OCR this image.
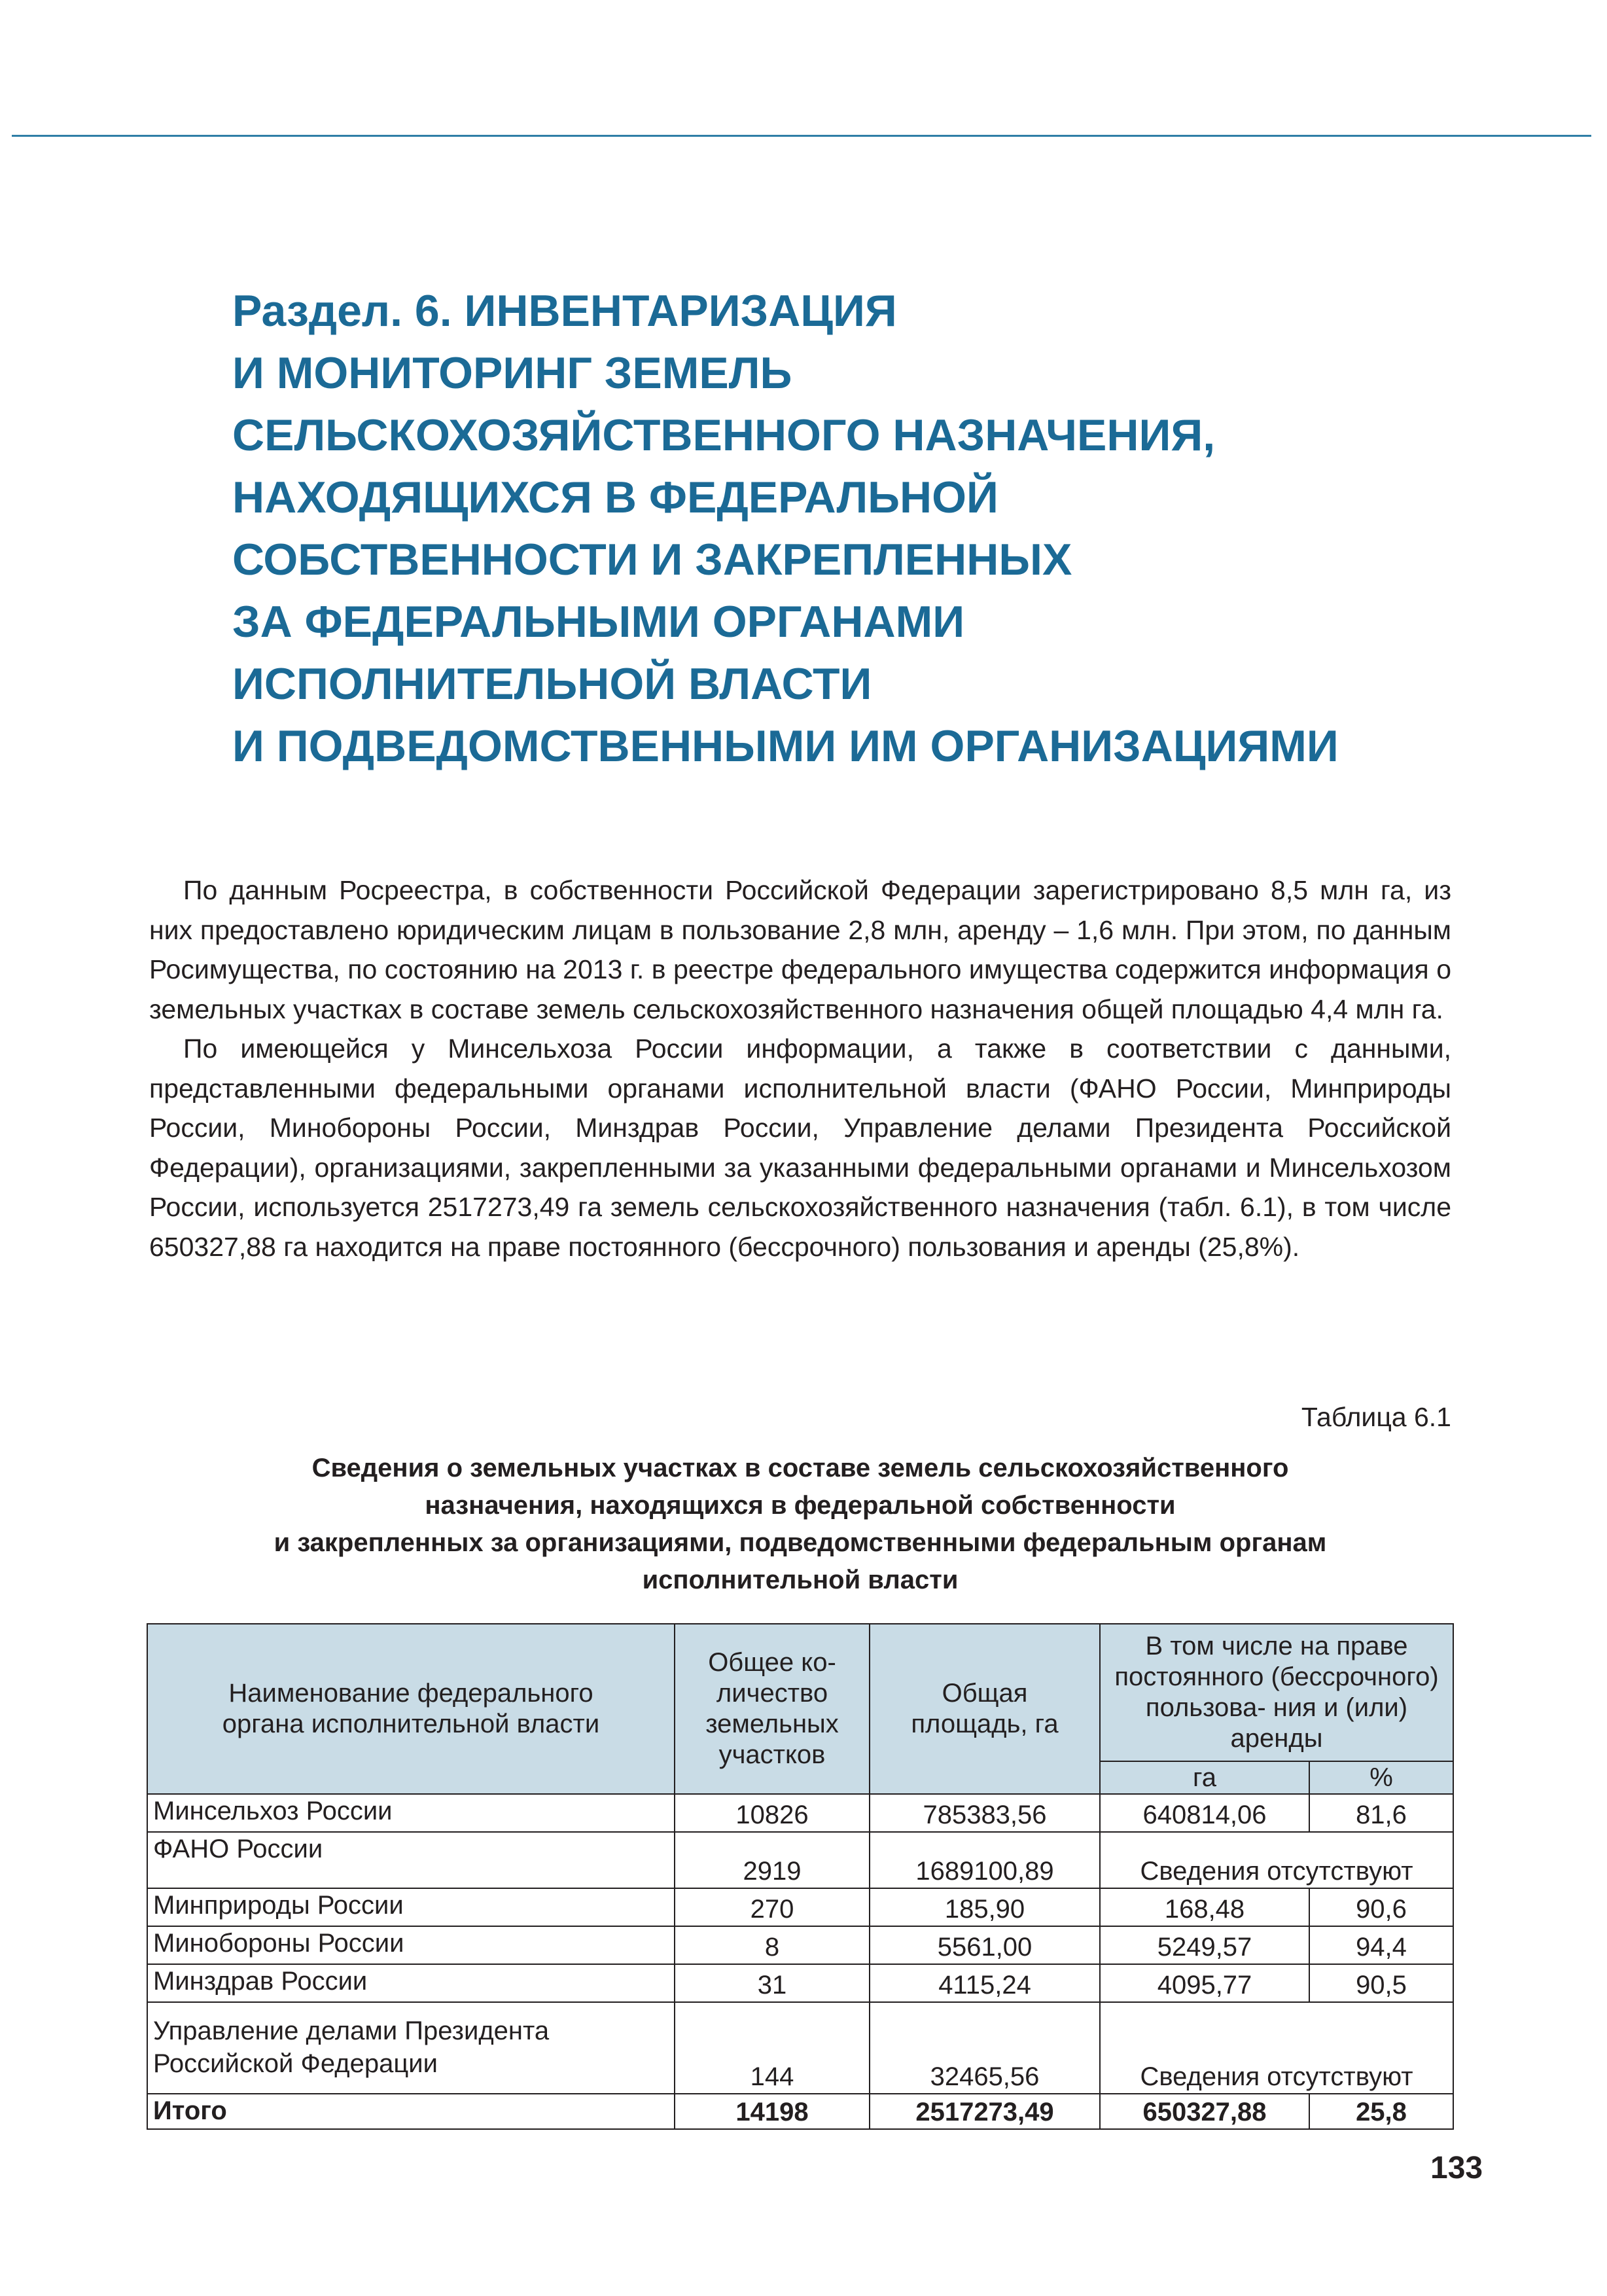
Раздел. 6. ИНВЕНТАРИЗАЦИЯ
И МОНИТОРИНГ ЗЕМЕЛЬ
СЕЛЬСКОХОЗЯЙСТВЕННОГО НАЗНАЧЕНИЯ,
НАХОДЯЩИХСЯ В ФЕДЕРАЛЬНОЙ
СОБСТВЕННОСТИ И ЗАКРЕПЛЕННЫХ
ЗА ФЕДЕРАЛЬНЫМИ ОРГАНАМИ
ИСПОЛНИТЕЛЬНОЙ ВЛАСТИ
И ПОДВЕДОМСТВЕННЫМИ ИМ ОРГАНИЗАЦИЯМИ

По данным Росреестра, в собственности Российской Федерации зарегистрировано 8,5 млн га, из них предоставлено юридическим лицам в пользование 2,8 млн, аренду – 1,6 млн. При этом, по данным Росимущества, по состоянию на 2013 г. в реестре федерального имущества содержится информация о земельных участках в составе земель сельскохозяйственного назначения общей площадью 4,4 млн га.

По имеющейся у Минсельхоза России информации, а также в соответствии с данными, представленными федеральными органами исполнительной власти (ФАНО России, Минприроды России, Минобороны России, Минздрав России, Управление делами Президента Российской Федерации), организациями, закрепленными за указанными федеральными органами и Минсельхозом России, используется 2517273,49 га земель сельскохозяйственного назначения (табл. 6.1), в том числе 650327,88 га находится на праве постоянного (бессрочного) пользования и аренды (25,8%).

Таблица 6.1
Сведения о земельных участках в составе земель сельскохозяйственного
назначения, находящихся в федеральной собственности
и закрепленных за организациями, подведомственными федеральным органам
исполнительной власти
Наименование федерального органа исполнительной власти	Общее ко- личество земельных участков	Общая площадь, га	В том числе на праве постоянного (бессрочного) пользова- ния и (или) аренды	
			га	%
Минсельхоз России	10826	785383,56	640814,06	81,6
ФАНО России	2919	1689100,89	Сведения отсутствуют	
Минприроды России	270	185,90	168,48	90,6
Минобороны России	8	5561,00	5249,57	94,4
Минздрав России	31	4115,24	4095,77	90,5
Управление делами Президента Российской Федерации	144	32465,56	Сведения отсутствуют	
Итого	14198	2517273,49	650327,88	25,8
133
